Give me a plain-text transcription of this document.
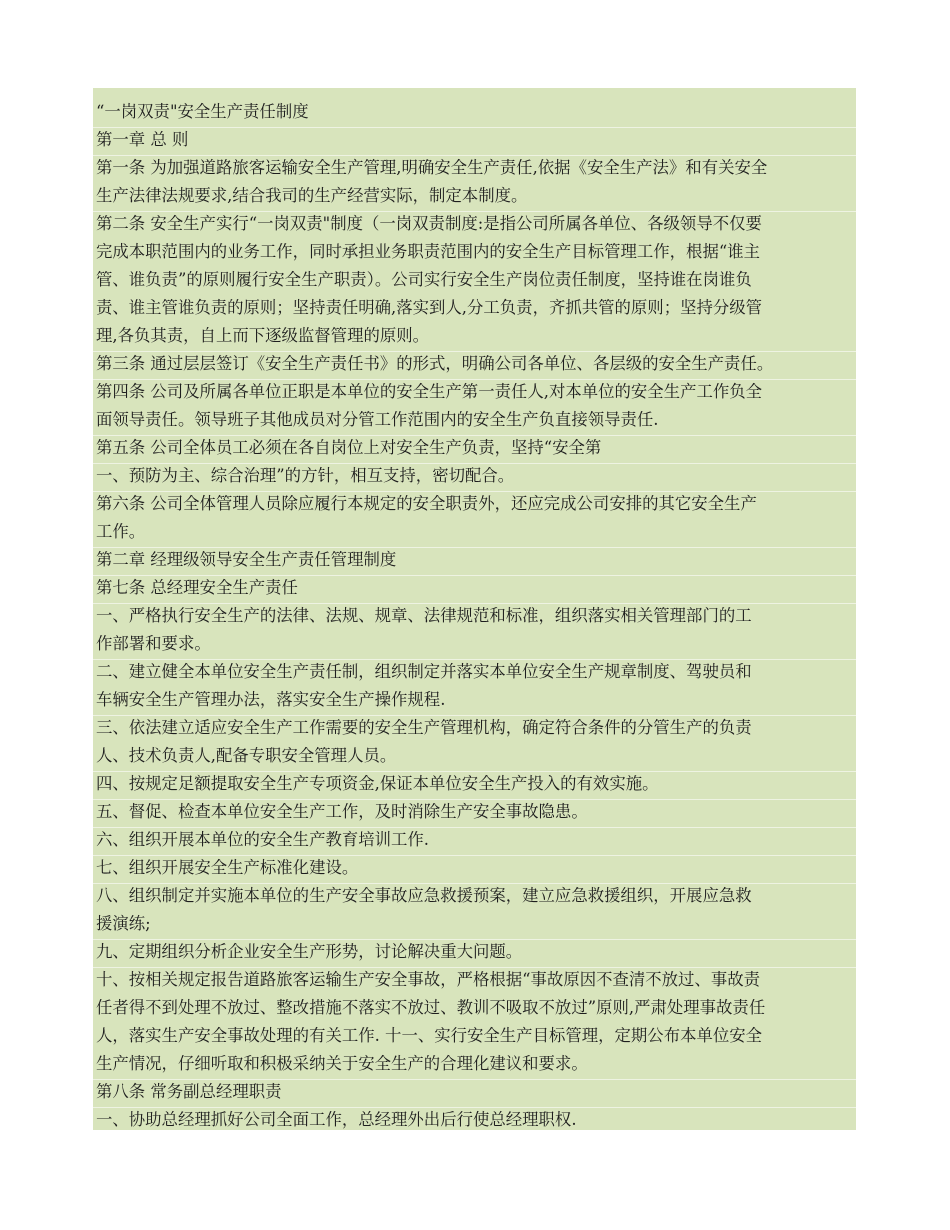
“一岗双责"安全生产责任制度
第一章 总 则
第一条 为加强道路旅客运输安全生产管理,明确安全生产责任,依据《安全生产法》和有关安全
生产法律法规要求,结合我司的生产经营实际，制定本制度。
第二条 安全生产实行“一岗双责"制度（一岗双责制度:是指公司所属各单位、各级领导不仅要
完成本职范围内的业务工作，同时承担业务职责范围内的安全生产目标管理工作，根据“谁主
管、谁负责”的原则履行安全生产职责）。公司实行安全生产岗位责任制度，坚持谁在岗谁负
责、谁主管谁负责的原则；坚持责任明确,落实到人,分工负责，齐抓共管的原则；坚持分级管
理,各负其责，自上而下逐级监督管理的原则。
第三条 通过层层签订《安全生产责任书》的形式，明确公司各单位、各层级的安全生产责任。
第四条 公司及所属各单位正职是本单位的安全生产第一责任人,对本单位的安全生产工作负全
面领导责任。领导班子其他成员对分管工作范围内的安全生产负直接领导责任.
第五条 公司全体员工必须在各自岗位上对安全生产负责，坚持“安全第
一、预防为主、综合治理”的方针，相互支持，密切配合。
第六条 公司全体管理人员除应履行本规定的安全职责外，还应完成公司安排的其它安全生产
工作。
第二章 经理级领导安全生产责任管理制度
第七条 总经理安全生产责任
一、严格执行安全生产的法律、法规、规章、法律规范和标准，组织落实相关管理部门的工
作部署和要求。
二、建立健全本单位安全生产责任制，组织制定并落实本单位安全生产规章制度、驾驶员和
车辆安全生产管理办法，落实安全生产操作规程.
三、依法建立适应安全生产工作需要的安全生产管理机构，确定符合条件的分管生产的负责
人、技术负责人,配备专职安全管理人员。
四、按规定足额提取安全生产专项资金,保证本单位安全生产投入的有效实施。
五、督促、检查本单位安全生产工作，及时消除生产安全事故隐患。
六、组织开展本单位的安全生产教育培训工作.
七、组织开展安全生产标准化建设。
八、组织制定并实施本单位的生产安全事故应急救援预案，建立应急救援组织，开展应急救
援演练;
九、定期组织分析企业安全生产形势，讨论解决重大问题。
十、按相关规定报告道路旅客运输生产安全事故，严格根据“事故原因不查清不放过、事故责
任者得不到处理不放过、整改措施不落实不放过、教训不吸取不放过”原则,严肃处理事故责任
人，落实生产安全事故处理的有关工作. 十一、实行安全生产目标管理，定期公布本单位安全
生产情况，仔细听取和积极采纳关于安全生产的合理化建议和要求。
第八条 常务副总经理职责
一、协助总经理抓好公司全面工作，总经理外出后行使总经理职权.
